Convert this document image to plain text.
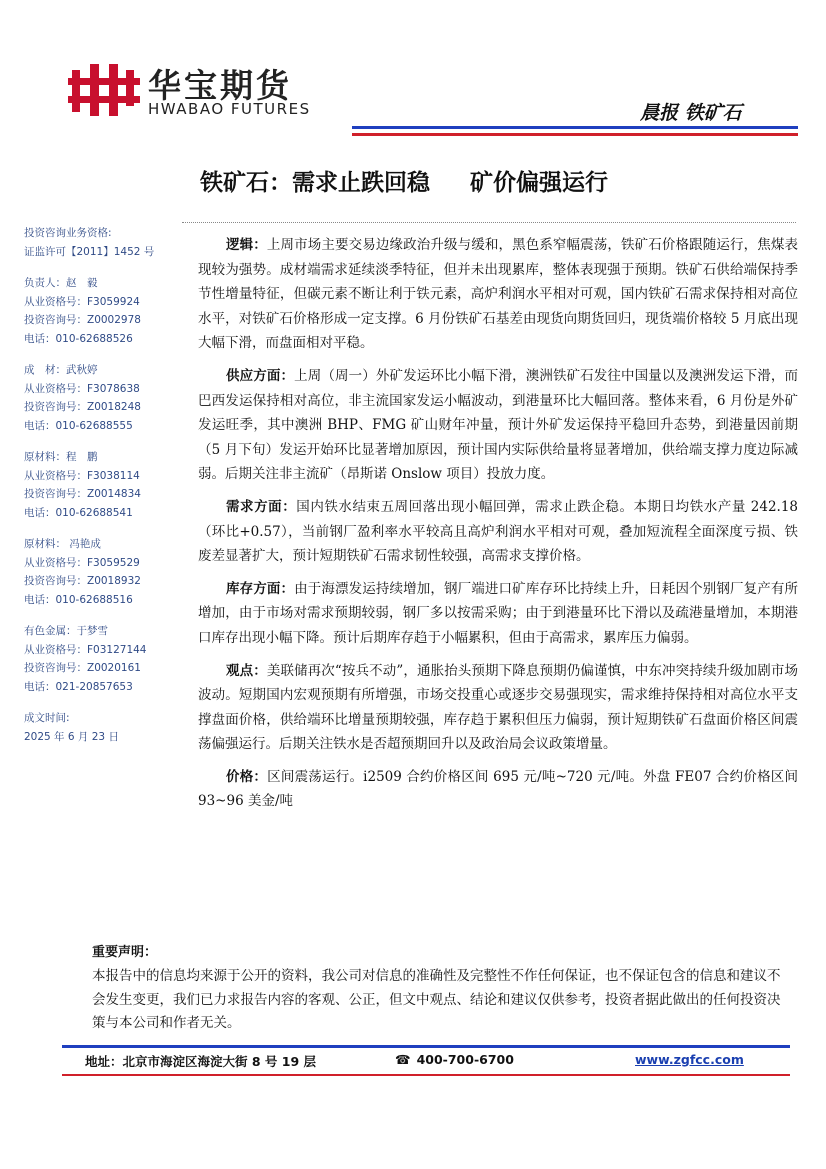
华宝期货
HWABAO FUTURES	晨报 铁矿石
铁矿石：需求止跌回稳 矿价偏强运行
投资咨询业务资格:
证监许可【2011】1452 号
负责人：赵　毅
从业资格号：F3059924
投资咨询号：Z0002978
电话：010-62688526
成　材：武秋婷
从业资格号：F3078638
投资咨询号：Z0018248
电话：010-62688555
原材料：程　鹏
从业资格号：F3038114
投资咨询号：Z0014834
电话：010-62688541
原材料： 冯艳成
从业资格号：F3059529
投资咨询号：Z0018932
电话：010-62688516
有色金属：于梦雪
从业资格号：F03127144
投资咨询号：Z0020161
电话：021-20857653
成文时间:
2025 年 6 月 23 日

逻辑：上周市场主要交易边缘政治升级与缓和，黑色系窄幅震荡，铁矿石价格跟随运行，焦煤表现较为强势。成材端需求延续淡季特征，但并未出现累库，整体表现强于预期。铁矿石供给端保持季节性增量特征，但碳元素不断让利于铁元素，高炉利润水平相对可观，国内铁矿石需求保持相对高位水平，对铁矿石价格形成一定支撑。6 月份铁矿石基差由现货向期货回归，现货端价格较 5 月底出现大幅下滑，而盘面相对平稳。

供应方面：上周（周一）外矿发运环比小幅下滑，澳洲铁矿石发往中国量以及澳洲发运下滑，而巴西发运保持相对高位，非主流国家发运小幅波动，到港量环比大幅回落。整体来看，6 月份是外矿发运旺季，其中澳洲 BHP、FMG 矿山财年冲量，预计外矿发运保持平稳回升态势，到港量因前期（5 月下旬）发运开始环比显著增加原因，预计国内实际供给量将显著增加，供给端支撑力度边际减弱。后期关注非主流矿（昂斯诺 Onslow 项目）投放力度。

需求方面：国内铁水结束五周回落出现小幅回弹，需求止跌企稳。本期日均铁水产量 242.18（环比+0.57），当前钢厂盈利率水平较高且高炉利润水平相对可观，叠加短流程全面深度亏损、铁废差显著扩大，预计短期铁矿石需求韧性较强，高需求支撑价格。

库存方面：由于海漂发运持续增加，钢厂端进口矿库存环比持续上升，日耗因个别钢厂复产有所增加，由于市场对需求预期较弱，钢厂多以按需采购；由于到港量环比下滑以及疏港量增加，本期港口库存出现小幅下降。预计后期库存趋于小幅累积，但由于高需求，累库压力偏弱。

观点：美联储再次“按兵不动”，通胀抬头预期下降息预期仍偏谨慎，中东冲突持续升级加剧市场波动。短期国内宏观预期有所增强，市场交投重心或逐步交易强现实，需求维持保持相对高位水平支撑盘面价格，供给端环比增量预期较强，库存趋于累积但压力偏弱，预计短期铁矿石盘面价格区间震荡偏强运行。后期关注铁水是否超预期回升以及政治局会议政策增量。

价格：区间震荡运行。i2509 合约价格区间 695 元/吨~720 元/吨。外盘 FE07 合约价格区间 93~96 美金/吨

重要声明：

本报告中的信息均来源于公开的资料，我公司对信息的准确性及完整性不作任何保证，也不保证包含的信息和建议不会发生变更，我们已力求报告内容的客观、公正，但文中观点、结论和建议仅供参考，投资者据此做出的任何投资决策与本公司和作者无关。

地址：北京市海淀区海淀大街 8 号 19 层	☎ 400-700-6700	www.zgfcc.com
